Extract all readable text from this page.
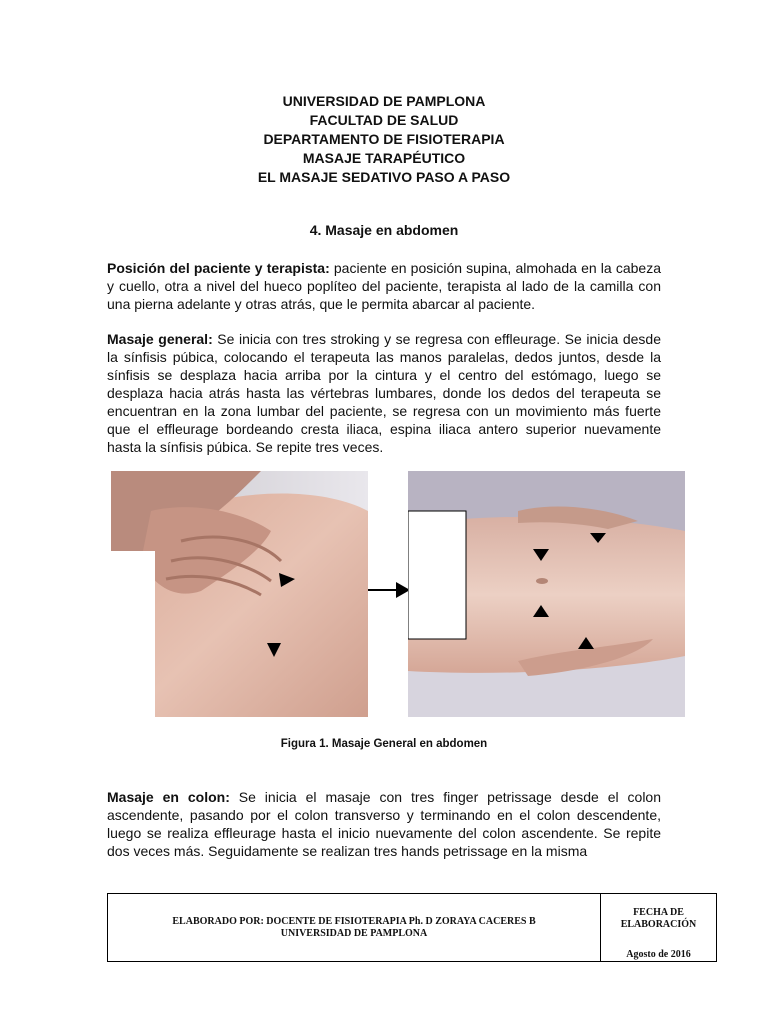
UNIVERSIDAD DE PAMPLONA
FACULTAD DE SALUD
DEPARTAMENTO DE FISIOTERAPIA
MASAJE TARAPÉUTICO
EL MASAJE SEDATIVO PASO A PASO
4. Masaje en abdomen
Posición del paciente y terapista: paciente en posición supina, almohada en la cabeza y cuello, otra a nivel del hueco poplíteo del paciente, terapista al lado de la camilla con una pierna adelante y otras atrás, que le permita abarcar al paciente.
Masaje general: Se inicia con tres stroking y se regresa con effleurage. Se inicia desde la sínfisis púbica, colocando el terapeuta las manos paralelas, dedos juntos, desde la sínfisis se desplaza hacia arriba por la cintura y el centro del estómago, luego se desplaza hacia atrás hasta las vértebras lumbares, donde los dedos del terapeuta se encuentran en la zona lumbar del paciente, se regresa con un movimiento más fuerte que el effleurage bordeando cresta iliaca, espina iliaca antero superior nuevamente hasta la sínfisis púbica. Se repite tres veces.
Figura 1. Masaje General en abdomen
Masaje en colon: Se inicia el masaje con tres finger petrissage desde el colon ascendente, pasando por el colon transverso y terminando en el colon descendente, luego se realiza effleurage hasta el inicio nuevamente del colon ascendente. Se repite dos veces más. Seguidamente se realizan tres hands petrissage en la misma
ELABORADO POR: DOCENTE DE FISIOTERAPIA Ph. D ZORAYA CACERES B
UNIVERSIDAD DE PAMPLONA
FECHA DE
ELABORACIÓN
Agosto de 2016
